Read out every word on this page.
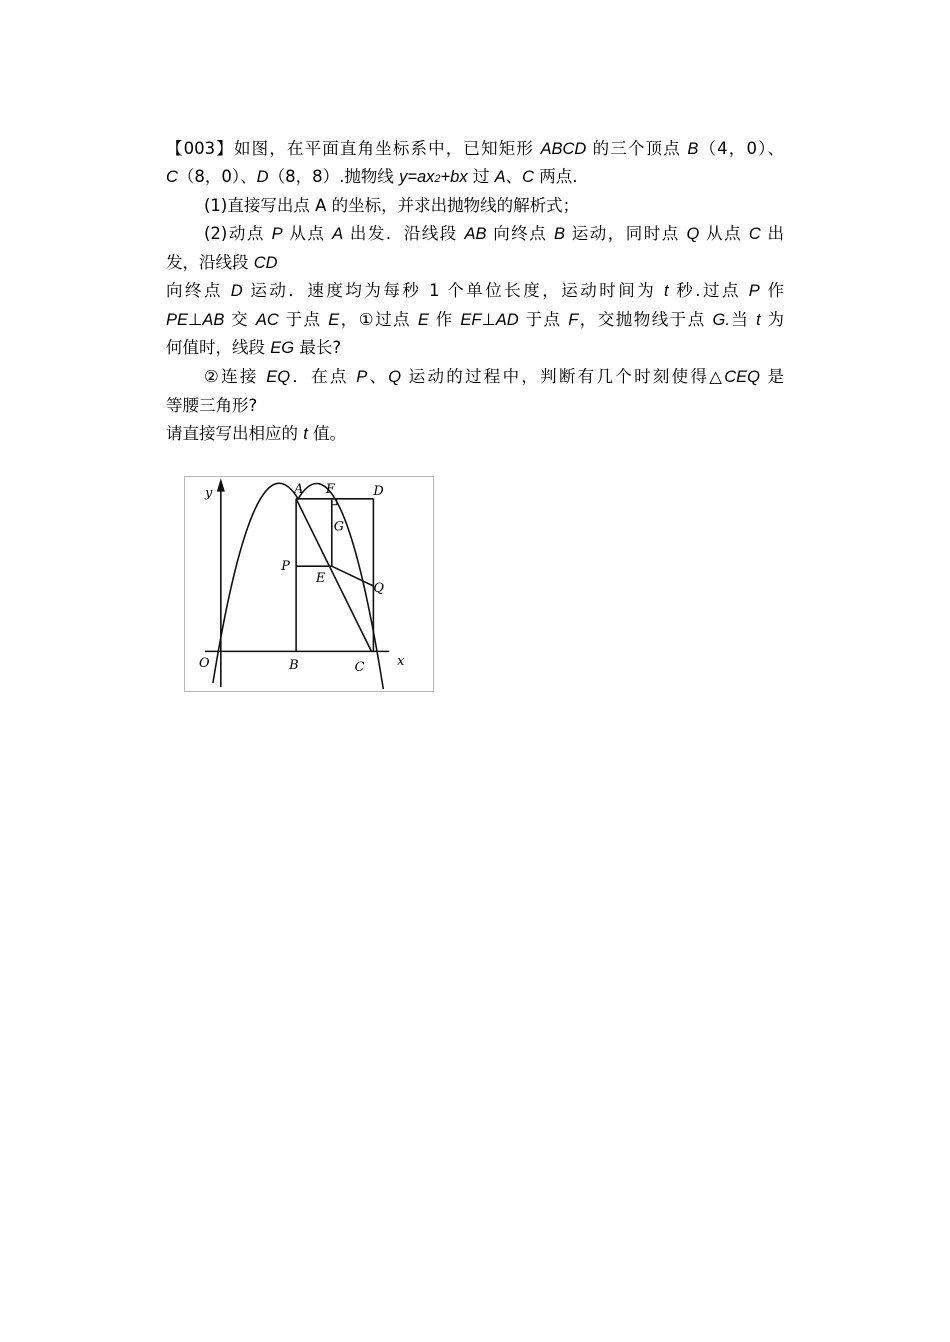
【003】如图，在平面直角坐标系中，已知矩形 ABCD 的三个顶点 B（4，0）、
C（8，0）、D（8，8）.抛物线 y=ax2+bx 过 A、C 两点.
(1)直接写出点 A 的坐标，并求出抛物线的解析式；
(2)动点 P 从点 A 出发．沿线段 AB 向终点 B 运动，同时点 Q 从点 C 出
发，沿线段 CD
向终点 D 运动．速度均为每秒 1 个单位长度，运动时间为 t 秒.过点 P 作
PE⊥AB 交 AC 于点 E，①过点 E 作 EF⊥AD 于点 F，交抛物线于点 G.当 t 为
何值时，线段 EG 最长?
②连接 EQ．在点 P、Q 运动的过程中，判断有几个时刻使得△CEQ 是
等腰三角形?
请直接写出相应的 t 值。
y
x
O
A F	D
G
P
E
Q
B	C
